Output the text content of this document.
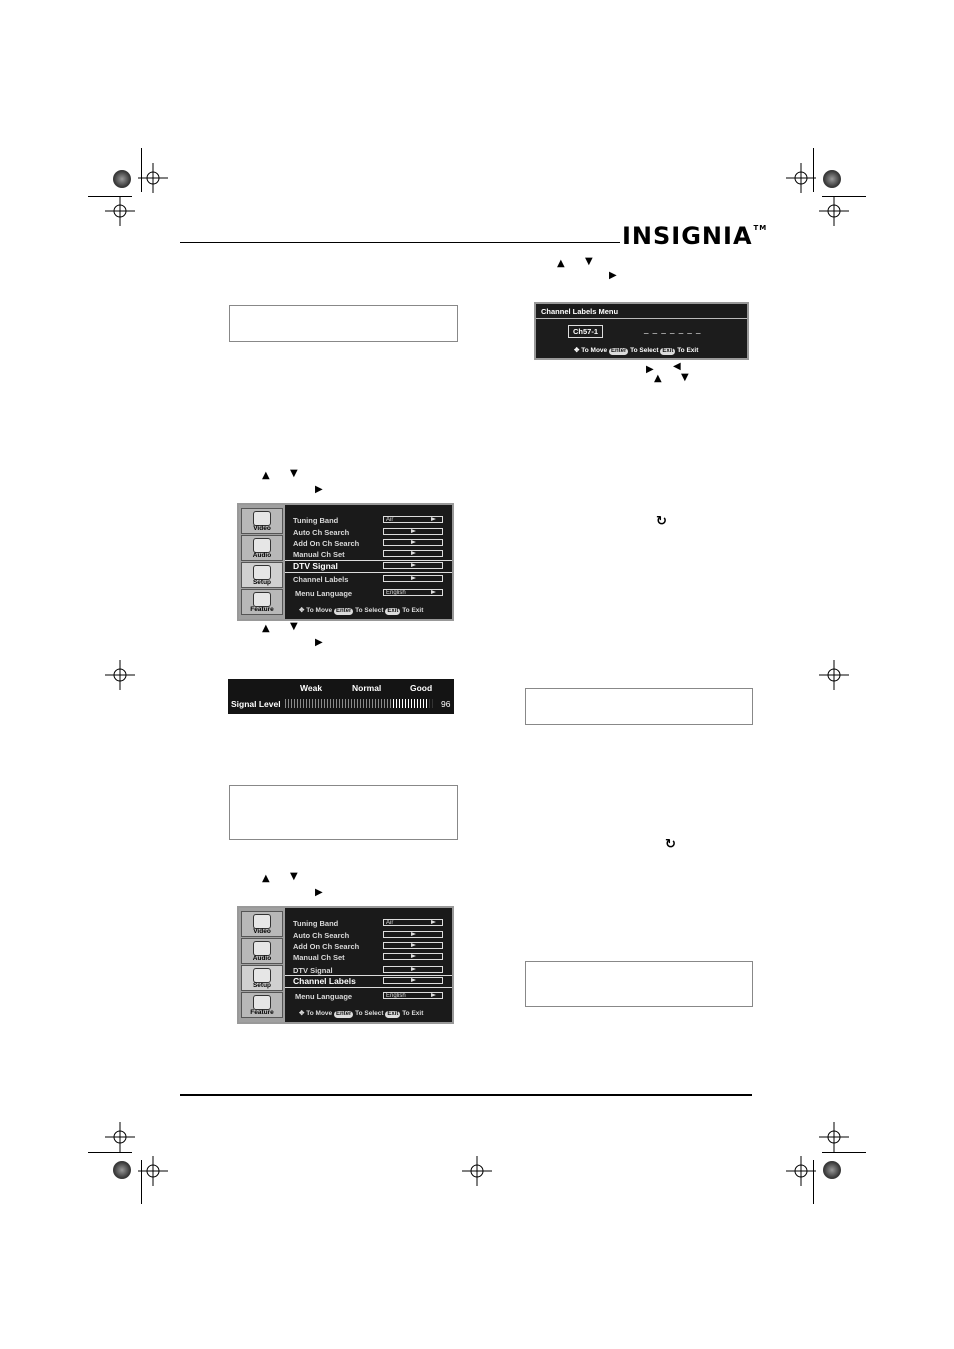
INSIGNIA™
▲ ▼
▶
Video
Audio
Setup
Feature
Tuning Band	Air
Auto Ch Search
Add On Ch Search
Manual Ch Set
DTV Signal
Channel Labels
Menu Language	English
✥ To Move Enter To Select Exit To Exit
▲ ▼
▶
Weak	Normal	Good
Signal Level	96
▲ ▼
▶
Video
Audio
Setup
Feature
Tuning Band	Air
Auto Ch Search
Add On Ch Search
Manual Ch Set
DTV Signal
Channel Labels
Menu Language	English
✥ To Move Enter To Select Exit To Exit
▲ ▼
▶
Channel Labels Menu
Ch57-1	_ _ _ _ _ _ _
✥ To Move Enter To Select Exit To Exit
▶ ◀
▲ ▼
↻
↻
